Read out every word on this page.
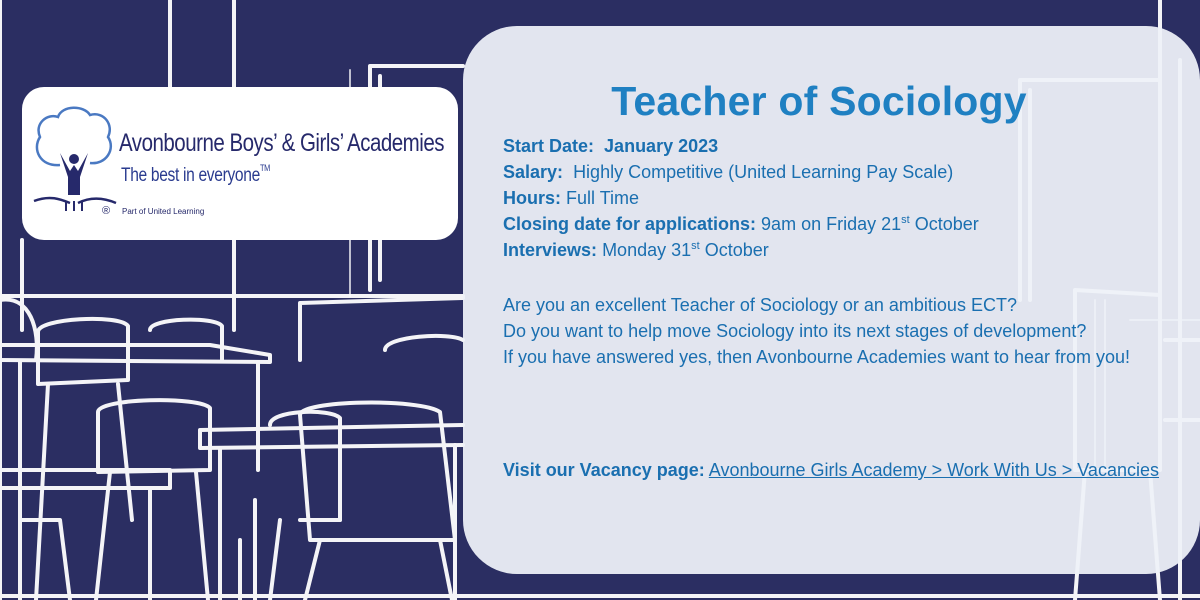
Avonbourne Boys’ & Girls’ Academies
The best in everyone™
® Part of United Learning
Teacher of Sociology
Start Date: January 2023
Salary: Highly Competitive (United Learning Pay Scale)
Hours: Full Time
Closing date for applications: 9am on Friday 21st October
Interviews: Monday 31st October
Are you an excellent Teacher of Sociology or an ambitious ECT?
Do you want to help move Sociology into its next stages of development?
If you have answered yes, then Avonbourne Academies want to hear from you!
Visit our Vacancy page: Avonbourne Girls Academy > Work With Us > Vacancies
